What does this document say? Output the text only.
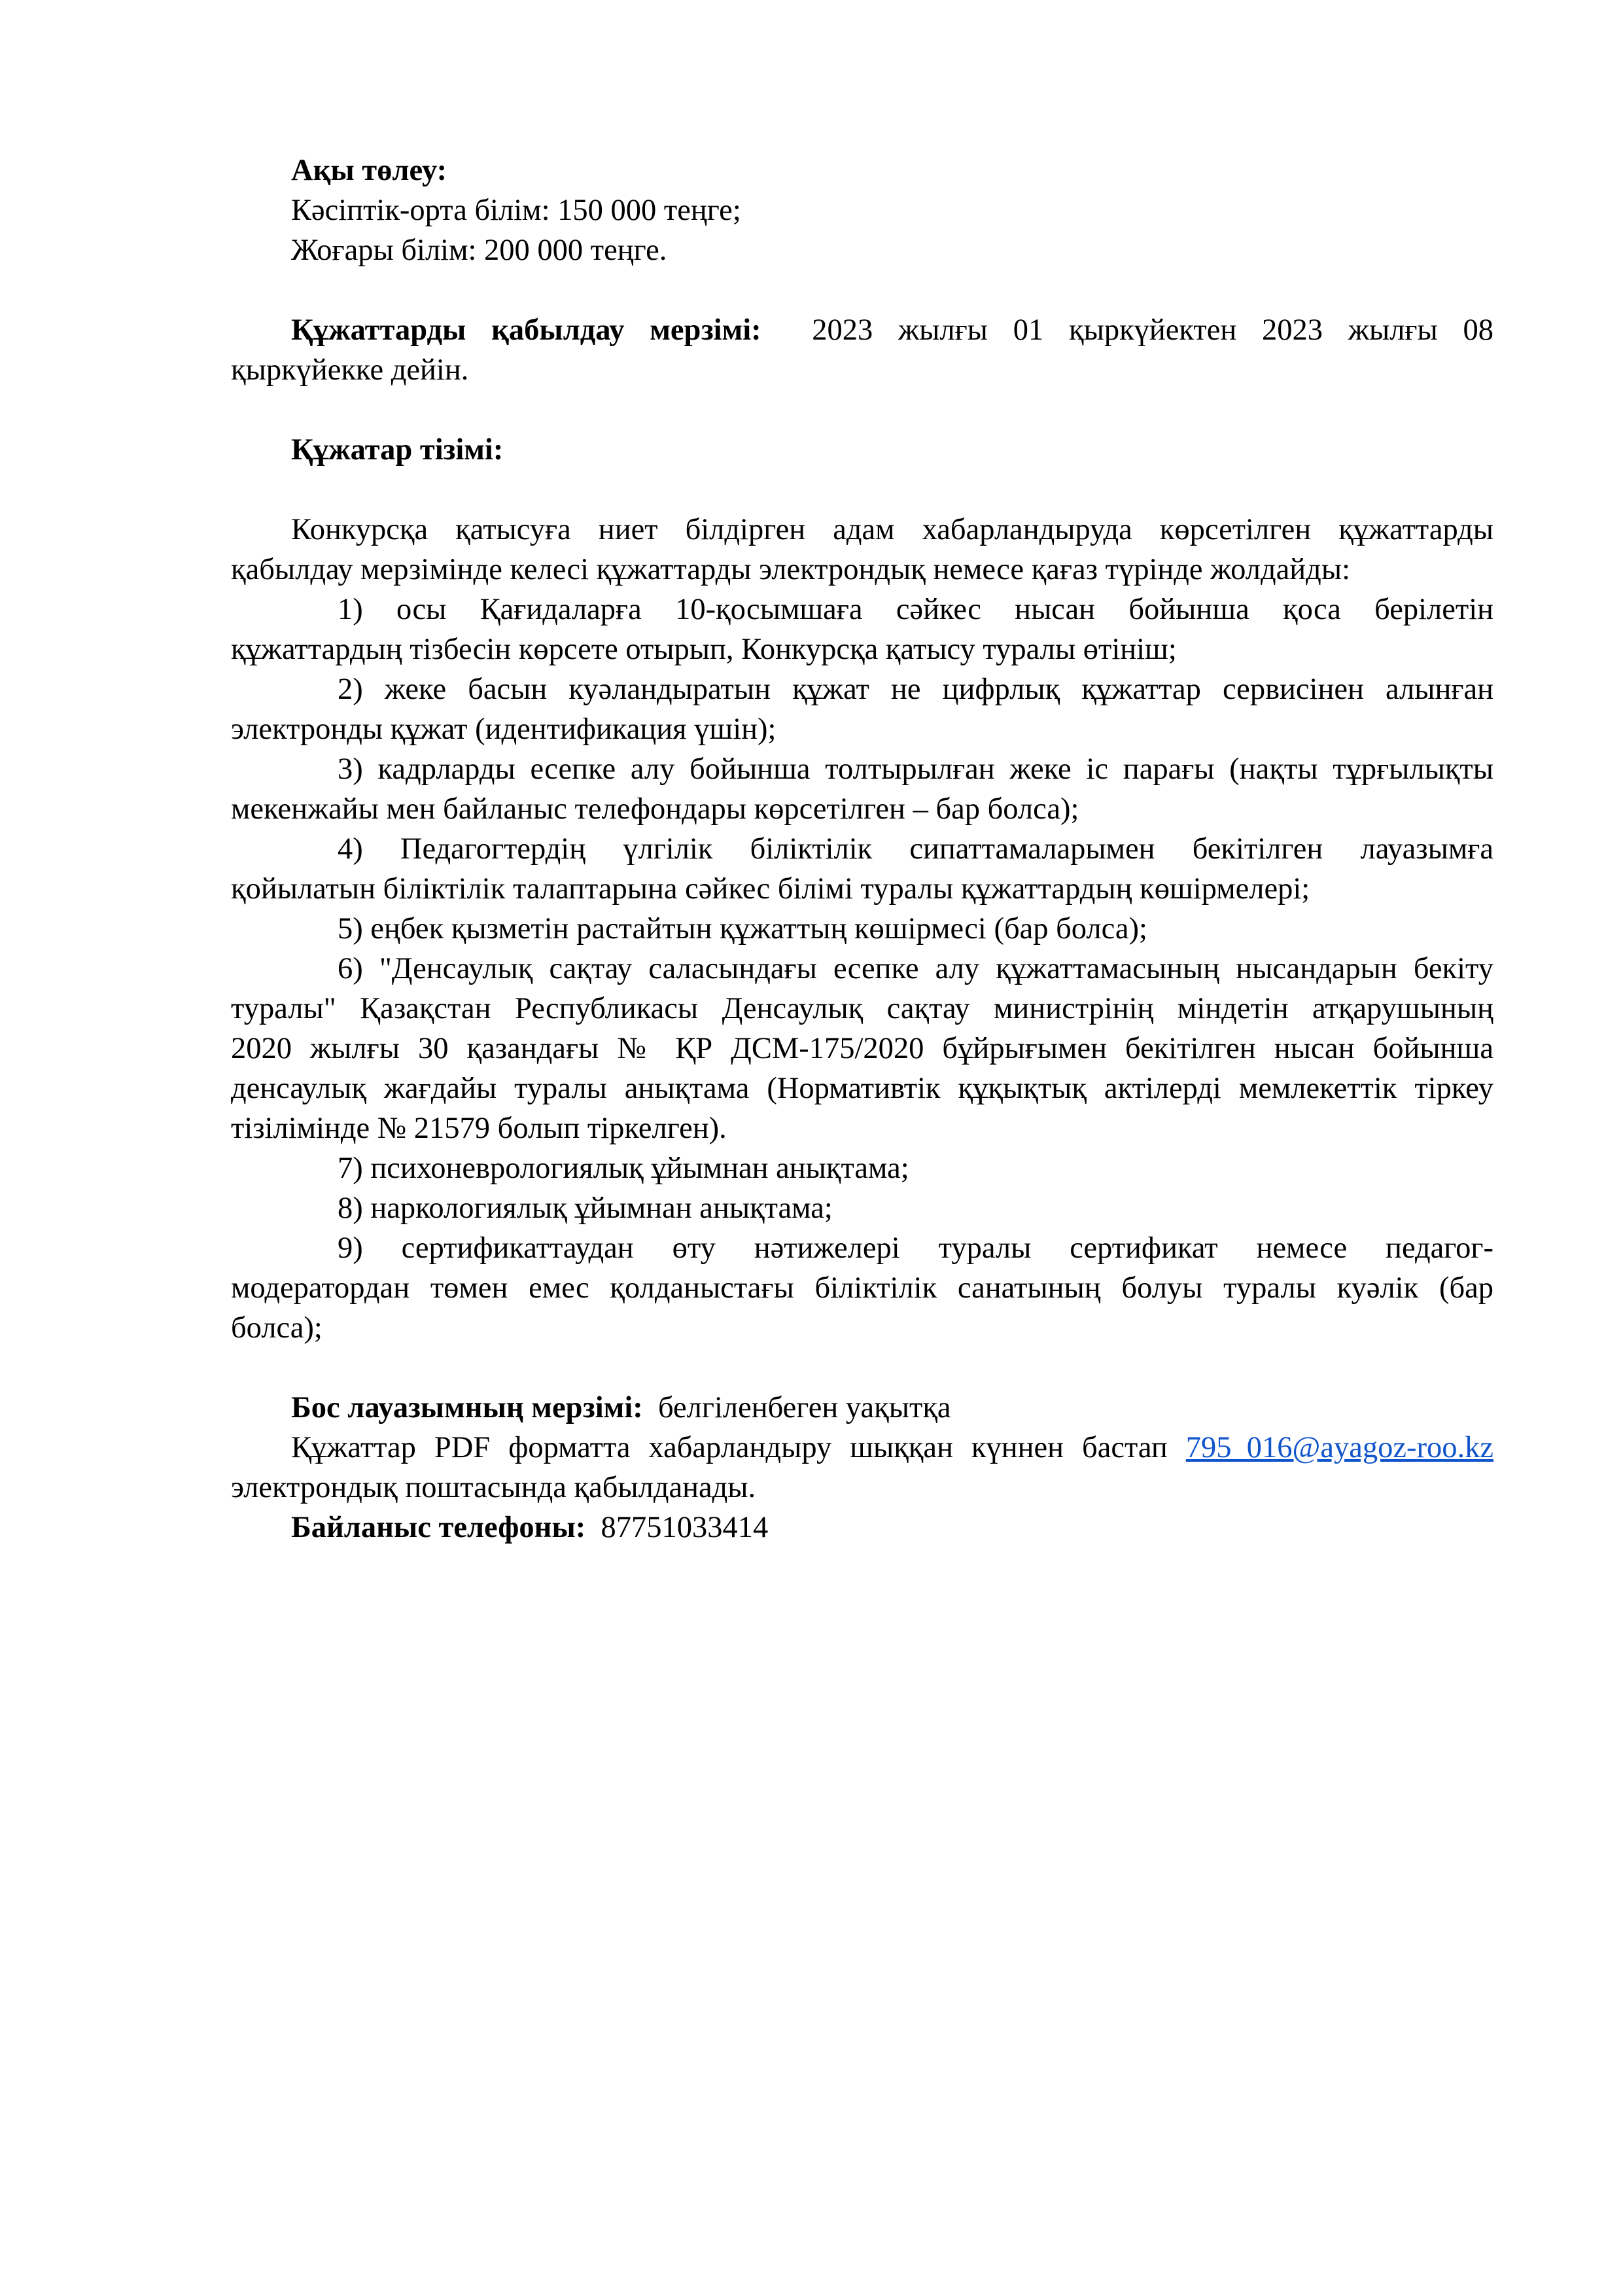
Ақы төлеу:
Кәсіптік-орта білім: 150 000 теңге;
Жоғары білім: 200 000 теңге.
Құжаттарды қабылдау мерзімі: 2023 жылғы 01 қыркүйектен 2023 жылғы 08
қыркүйекке дейін.
Құжатар тізімі:
Конкурсқа қатысуға ниет білдірген адам хабарландыруда көрсетілген құжаттарды
қабылдау мерзімінде келесі құжаттарды электрондық немесе қағаз түрінде жолдайды:
1) осы Қағидаларға 10-қосымшаға сәйкес нысан бойынша қоса берілетін
құжаттардың тізбесін көрсете отырып, Конкурсқа қатысу туралы өтініш;
2) жеке басын куәландыратын құжат не цифрлық құжаттар сервисінен алынған
электронды құжат (идентификация үшін);
3) кадрларды есепке алу бойынша толтырылған жеке іс парағы (нақты тұрғылықты
мекенжайы мен байланыс телефондары көрсетілген – бар болса);
4) Педагогтердің үлгілік біліктілік сипаттамаларымен бекітілген лауазымға
қойылатын біліктілік талаптарына сәйкес білімі туралы құжаттардың көшірмелері;
5) еңбек қызметін растайтын құжаттың көшірмесі (бар болса);
6) "Денсаулық сақтау саласындағы есепке алу құжаттамасының нысандарын бекіту
туралы" Қазақстан Республикасы Денсаулық сақтау министрінің міндетін атқарушының
2020 жылғы 30 қазандағы № ҚР ДСМ-175/2020 бұйрығымен бекітілген нысан бойынша
денсаулық жағдайы туралы анықтама (Нормативтік құқықтық актілерді мемлекеттік тіркеу
тізілімінде № 21579 болып тіркелген).
7) психоневрологиялық ұйымнан анықтама;
8) наркологиялық ұйымнан анықтама;
9) сертификаттаудан өту нәтижелері туралы сертификат немесе педагог-
модератордан төмен емес қолданыстағы біліктілік санатының болуы туралы куәлік (бар
болса);
Бос лауазымның мерзімі: белгіленбеген уақытқа
Құжаттар PDF форматта хабарландыру шыққан күннен бастап 795_016@ayagoz-roo.kz
электрондық поштасында қабылданады.
Байланыс телефоны: 87751033414
